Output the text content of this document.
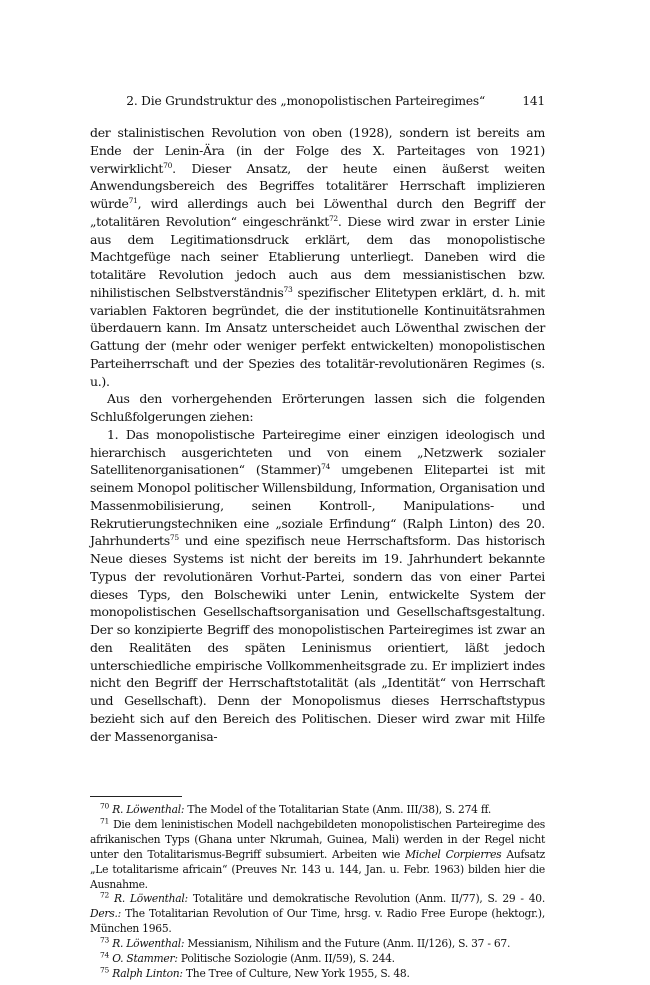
2. Die Grundstruktur des „monopolistischen Parteiregimes“	141

der stalinistischen Revolution von oben (1928), sondern ist bereits am Ende der Lenin-Ära (in der Folge des X. Parteitages von 1921) verwirklicht$^{70}$. Dieser Ansatz, der heute einen äußerst weiten Anwendungsbereich des Begriffes totalitärer Herrschaft implizieren würde$^{71}$, wird allerdings auch bei Löwenthal durch den Begriff der „totalitären Revolution“ eingeschränkt$^{72}$. Diese wird zwar in erster Linie aus dem Legitimationsdruck erklärt, dem das monopolistische Machtgefüge nach seiner Etablierung unterliegt. Daneben wird die totalitäre Revolution jedoch auch aus dem messianistischen bzw. nihilistischen Selbstverständnis$^{73}$ spezifischer Elitetypen erklärt, d. h. mit variablen Faktoren begründet, die der institutionelle Kontinuitätsrahmen überdauern kann. Im Ansatz unterscheidet auch Löwenthal zwischen der Gattung der (mehr oder weniger perfekt entwickelten) monopolistischen Parteiherrschaft und der Spezies des totalitär-revolutionären Regimes (s. u.).

Aus den vorhergehenden Erörterungen lassen sich die folgenden Schlußfolgerungen ziehen:

1. Das monopolistische Parteiregime einer einzigen ideologisch und hierarchisch ausgerichteten und von einem „Netzwerk sozialer Satellitenorganisationen“ (Stammer)$^{74}$ umgebenen Elitepartei ist mit seinem Monopol politischer Willensbildung, Information, Organisation und Massenmobilisierung, seinen Kontroll-, Manipulations- und Rekrutierungstechniken eine „soziale Erfindung“ (Ralph Linton) des 20. Jahrhunderts$^{75}$ und eine spezifisch neue Herrschaftsform. Das historisch Neue dieses Systems ist nicht der bereits im 19. Jahrhundert bekannte Typus der revolutionären Vorhut-Partei, sondern das von einer Partei dieses Typs, den Bolschewiki unter Lenin, entwickelte System der monopolistischen Gesellschaftsorganisation und Gesellschaftsgestaltung. Der so konzipierte Begriff des monopolistischen Parteiregimes ist zwar an den Realitäten des späten Leninismus orientiert, läßt jedoch unterschiedliche empirische Vollkommenheitsgrade zu. Er impliziert indes nicht den Begriff der Herrschaftstotalität (als „Identität“ von Herrschaft und Gesellschaft). Denn der Monopolismus dieses Herrschaftstypus bezieht sich auf den Bereich des Politischen. Dieser wird zwar mit Hilfe der Massenorganisa-

$^{70}$ R. Löwenthal: The Model of the Totalitarian State (Anm. III/38), S. 274 ff.
$^{71}$ Die dem leninistischen Modell nachgebildeten monopolistischen Parteiregime des afrikanischen Typs (Ghana unter Nkrumah, Guinea, Mali) werden in der Regel nicht unter den Totalitarismus-Begriff subsumiert. Arbeiten wie Michel Corpierres Aufsatz „Le totalitarisme africain“ (Preuves Nr. 143 u. 144, Jan. u. Febr. 1963) bilden hier die Ausnahme.
$^{72}$ R. Löwenthal: Totalitäre und demokratische Revolution (Anm. II/77), S. 29 - 40. Ders.: The Totalitarian Revolution of Our Time, hrsg. v. Radio Free Europe (hektogr.), München 1965.
$^{73}$ R. Löwenthal: Messianism, Nihilism and the Future (Anm. II/126), S. 37 - 67.
$^{74}$ O. Stammer: Politische Soziologie (Anm. II/59), S. 244.
$^{75}$ Ralph Linton: The Tree of Culture, New York 1955, S. 48.
